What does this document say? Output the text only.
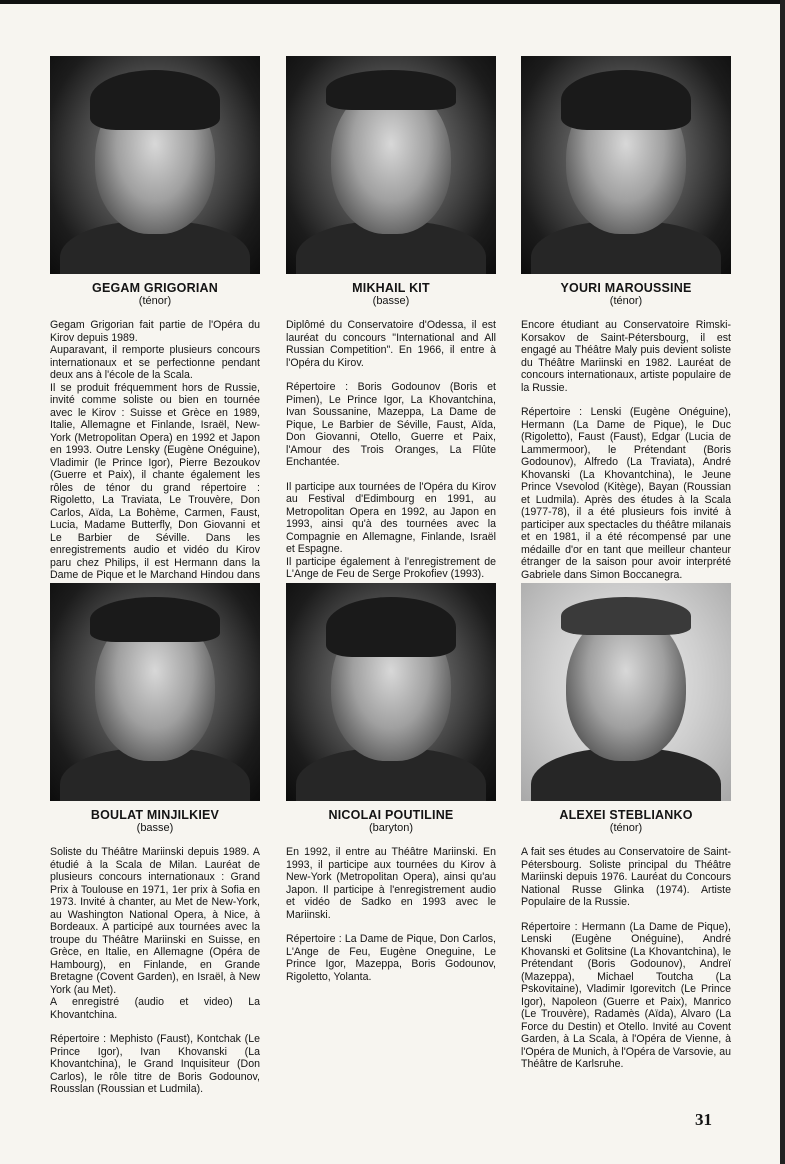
GEGAM GRIGORIAN
(ténor)

Gegam Grigorian fait partie de l'Opéra du Kirov depuis 1989.

Auparavant, il remporte plusieurs concours internationaux et se perfectionne pendant deux ans à l'école de la Scala.

Il se produit fréquemment hors de Russie, invité comme soliste ou bien en tournée avec le Kirov : Suisse et Grèce en 1989, Italie, Allemagne et Finlande, Israël, New-York (Metropolitan Opera) en 1992 et Japon en 1993. Outre Lensky (Eugène Onéguine), Vladimir (le Prince Igor), Pierre Bezoukov (Guerre et Paix), il chante également les rôles de ténor du grand répertoire : Rigoletto, La Traviata, Le Trouvère, Don Carlos, Aïda, La Bohème, Carmen, Faust, Lucia, Madame Butterfly, Don Giovanni et Le Barbier de Séville. Dans les enregistrements audio et vidéo du Kirov paru chez Philips, il est Hermann dans la Dame de Pique et le Marchand Hindou dans

MIKHAIL KIT
(basse)

Diplômé du Conservatoire d'Odessa, il est lauréat du concours "International and All Russian Competition". En 1966, il entre à l'Opéra du Kirov.

Répertoire : Boris Godounov (Boris et Pimen), Le Prince Igor, La Khovantchina, Ivan Soussanine, Mazeppa, La Dame de Pique, Le Barbier de Séville, Faust, Aïda, Don Giovanni, Otello, Guerre et Paix, l'Amour des Trois Oranges, La Flûte Enchantée.

Il participe aux tournées de l'Opéra du Kirov au Festival d'Edimbourg en 1991, au Metropolitan Opera en 1992, au Japon en 1993, ainsi qu'à des tournées avec la Compagnie en Allemagne, Finlande, Israël et Espagne.

Il participe également à l'enregistrement de L'Ange de Feu de Serge Prokofiev (1993).

YOURI MAROUSSINE
(ténor)

Encore étudiant au Conservatoire Rimski-Korsakov de Saint-Pétersbourg, il est engagé au Théâtre Maly puis devient soliste du Théâtre Mariinski en 1982. Lauréat de concours internationaux, artiste populaire de la Russie.

Répertoire : Lenski (Eugène Onéguine), Hermann (La Dame de Pique), le Duc (Rigoletto), Faust (Faust), Edgar (Lucia de Lammermoor), le Prétendant (Boris Godounov), Alfredo (La Traviata), André Khovanski (La Khovantchina), le Jeune Prince Vsevolod (Kitège), Bayan (Roussian et Ludmila). Après des études à la Scala (1977-78), il a été plusieurs fois invité à participer aux spectacles du théâtre milanais et en 1981, il a été récompensé par une médaille d'or en tant que meilleur chanteur étranger de la saison pour avoir interprété Gabriele dans Simon Boccanegra.

BOULAT MINJILKIEV
(basse)

Soliste du Théâtre Mariinski depuis 1989. A étudié à la Scala de Milan. Lauréat de plusieurs concours internationaux : Grand Prix à Toulouse en 1971, 1er prix à Sofia en 1973. Invité à chanter, au Met de New-York, au Washington National Opera, à Nice, à Bordeaux. A participé aux tournées avec la troupe du Théâtre Mariinski en Suisse, en Grèce, en Italie, en Allemagne (Opéra de Hambourg), en Finlande, en Grande Bretagne (Covent Garden), en Israël, à New York (au Met).

A enregistré (audio et video) La Khovantchina.

Répertoire : Mephisto (Faust), Kontchak (Le Prince Igor), Ivan Khovanski (La Khovantchina), le Grand Inquisiteur (Don Carlos), le rôle titre de Boris Godounov, Rousslan (Roussian et Ludmila).

NICOLAI POUTILINE
(baryton)

En 1992, il entre au Théâtre Mariinski. En 1993, il participe aux tournées du Kirov à New-York (Metropolitan Opera), ainsi qu'au Japon. Il participe à l'enregistrement audio et vidéo de Sadko en 1993 avec le Mariinski.

Répertoire : La Dame de Pique, Don Carlos, L'Ange de Feu, Eugène Oneguine, Le Prince Igor, Mazeppa, Boris Godounov, Rigoletto, Yolanta.

ALEXEI STEBLIANKO
(ténor)

A fait ses études au Conservatoire de Saint-Pétersbourg. Soliste principal du Théâtre Mariinski depuis 1976. Lauréat du Concours National Russe Glinka (1974). Artiste Populaire de la Russie.

Répertoire : Hermann (La Dame de Pique), Lenski (Eugène Onéguine), André Khovanski et Golitsine (La Khovantchina), le Prétendant (Boris Godounov), Andreï (Mazeppa), Michael Toutcha (La Pskovitaine), Vladimir Igorevitch (Le Prince Igor), Napoleon (Guerre et Paix), Manrico (Le Trouvère), Radamès (Aïda), Alvaro (La Force du Destin) et Otello. Invité au Covent Garden, à La Scala, à l'Opéra de Vienne, à l'Opéra de Munich, à l'Opéra de Varsovie, au Théâtre de Karlsruhe.

31
